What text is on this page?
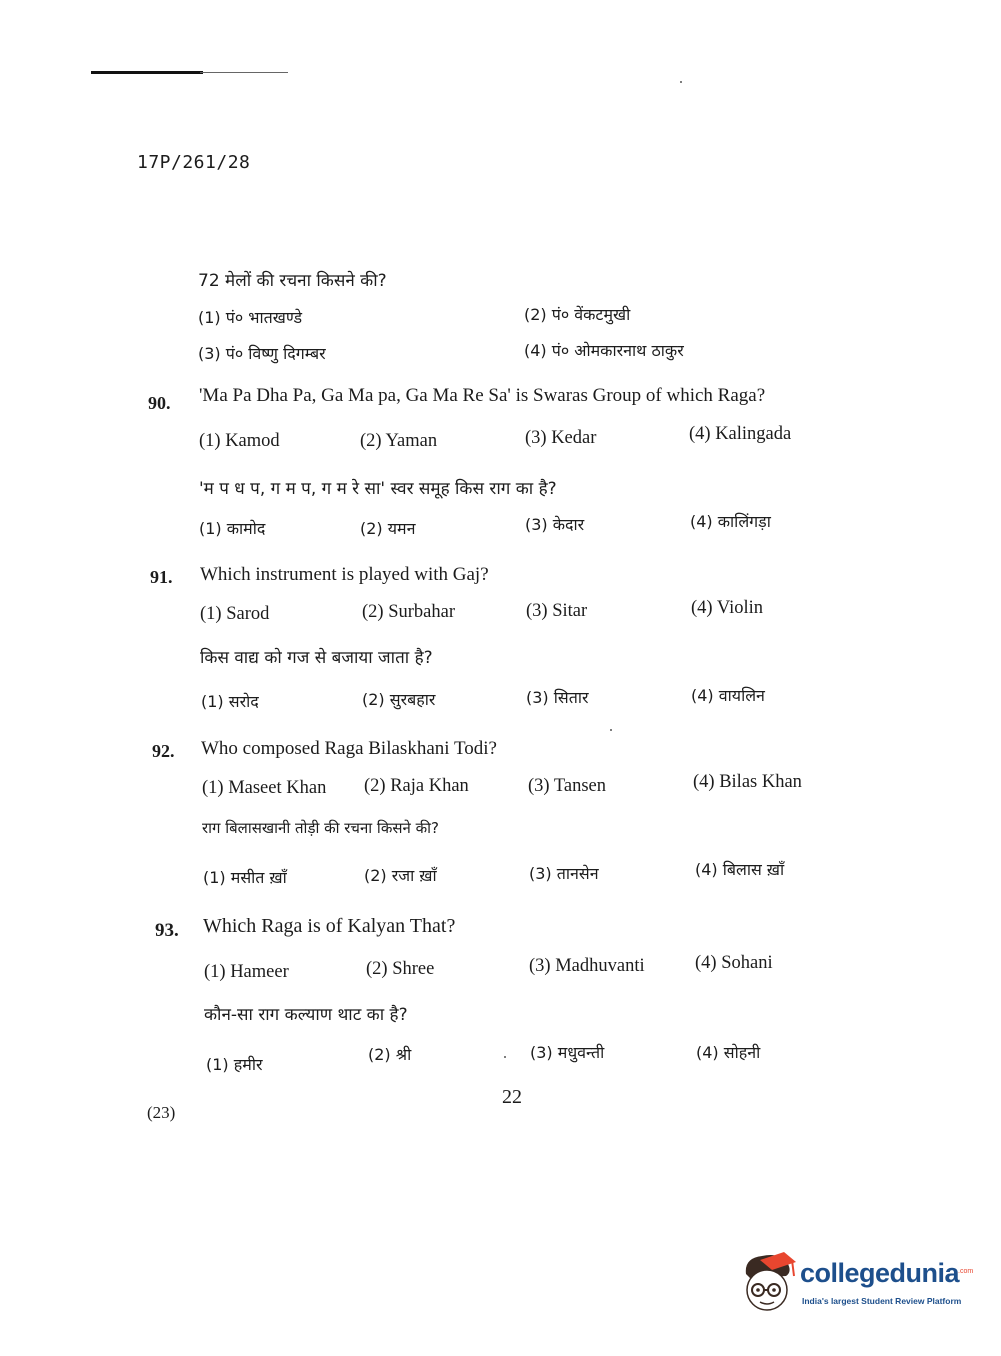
17P/261/28
72 मेलों की रचना किसने की?
(1) पं० भातखण्डे	(2) पं० वेंकटमुखी
(3) पं० विष्णु दिगम्बर	(4) पं० ओमकारनाथ ठाकुर
90. 'Ma Pa Dha Pa, Ga Ma pa, Ga Ma Re Sa' is Swaras Group of which Raga?
(1) Kamod	(2) Yaman	(3) Kedar	(4) Kalingada
'म प ध प, ग म प, ग म रे सा' स्वर समूह किस राग का है?
(1) कामोद	(2) यमन	(3) केदार	(4) कालिंगड़ा
91. Which instrument is played with Gaj?
(1) Sarod	(2) Surbahar	(3) Sitar	(4) Violin
किस वाद्य को गज से बजाया जाता है?
(1) सरोद	(2) सुरबहार	(3) सितार	(4) वायलिन
92. Who composed Raga Bilaskhani Todi?
(1) Maseet Khan (2) Raja Khan	(3) Tansen	(4) Bilas Khan
राग बिलासखानी तोड़ी की रचना किसने की?
(1) मसीत ख़ाँ	(2) रजा ख़ाँ	(3) तानसेन	(4) बिलास ख़ाँ
93. Which Raga is of Kalyan That?
(1) Hameer	(2) Shree	(3) Madhuvanti	(4) Sohani
कौन-सा राग कल्याण थाट का है?
(1) हमीर
(2) श्री	(3) मधुवन्ती	(4) सोहनी
22
(23)
collegedunia
.com
India's largest Student Review Platform
